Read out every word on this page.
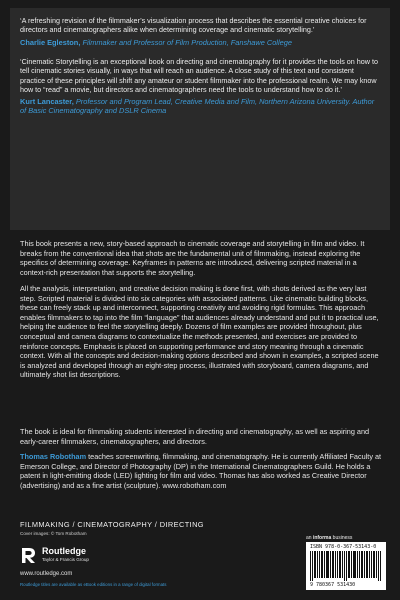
‘A refreshing revision of the filmmaker’s visualization process that describes the essential creative choices for directors and cinematographers alike when determining coverage and cinematic storytelling.’

Charlie Egleston, Filmmaker and Professor of Film Production, Fanshawe College

‘Cinematic Storytelling is an exceptional book on directing and cinematography for it provides the tools on how to tell cinematic stories visually, in ways that will reach an audience. A close study of this text and consistent practice of these principles will shift any amateur or student filmmaker into the professional realm. We may know how to “read” a movie, but directors and cinematographers need the tools to understand how to do it.’

Kurt Lancaster, Professor and Program Lead, Creative Media and Film, Northern Arizona University. Author of Basic Cinematography and DSLR Cinema

This book presents a new, story-based approach to cinematic coverage and storytelling in film and video. It breaks from the conventional idea that shots are the fundamental unit of filmmaking, instead exploring the specifics of determining coverage. Keyframes in patterns are introduced, delivering scripted material in a context-rich presentation that supports the storytelling.

All the analysis, interpretation, and creative decision making is done first, with shots derived as the very last step. Scripted material is divided into six categories with associated patterns. Like cinematic building blocks, these can freely stack up and interconnect, supporting creativity and avoiding rigid formulas. This approach enables filmmakers to tap into the film “language” that audiences already understand and put it to practical use, helping the audience to feel the storytelling deeply. Dozens of film examples are provided throughout, plus conceptual and camera diagrams to contextualize the methods presented, and exercises are provided to reinforce concepts. Emphasis is placed on supporting performance and story meaning through a cinematic context. With all the concepts and decision-making options described and shown in examples, a scripted scene is analyzed and developed through an eight-step process, illustrated with storyboard, camera diagrams, and ultimately shot list descriptions.

The book is ideal for filmmaking students interested in directing and cinematography, as well as aspiring and early-career filmmakers, cinematographers, and directors.

Thomas Robotham teaches screenwriting, filmmaking, and cinematography. He is currently Affiliated Faculty at Emerson College, and Director of Photography (DP) in the International Cinematographers Guild. He holds a patent in light-emitting diode (LED) lighting for film and video. Thomas has also worked as Creative Director (advertising) and as a fine artist (sculpture). www.robotham.com

FILMMAKING / CINEMATOGRAPHY / DIRECTING
Cover images: © Tom Robotham
Routledge
Taylor & Francis Group
www.routledge.com
Routledge titles are available as eBook editions in a range of digital formats
an informa business
ISBN 978-0-367-53143-0
9 780367 531430
